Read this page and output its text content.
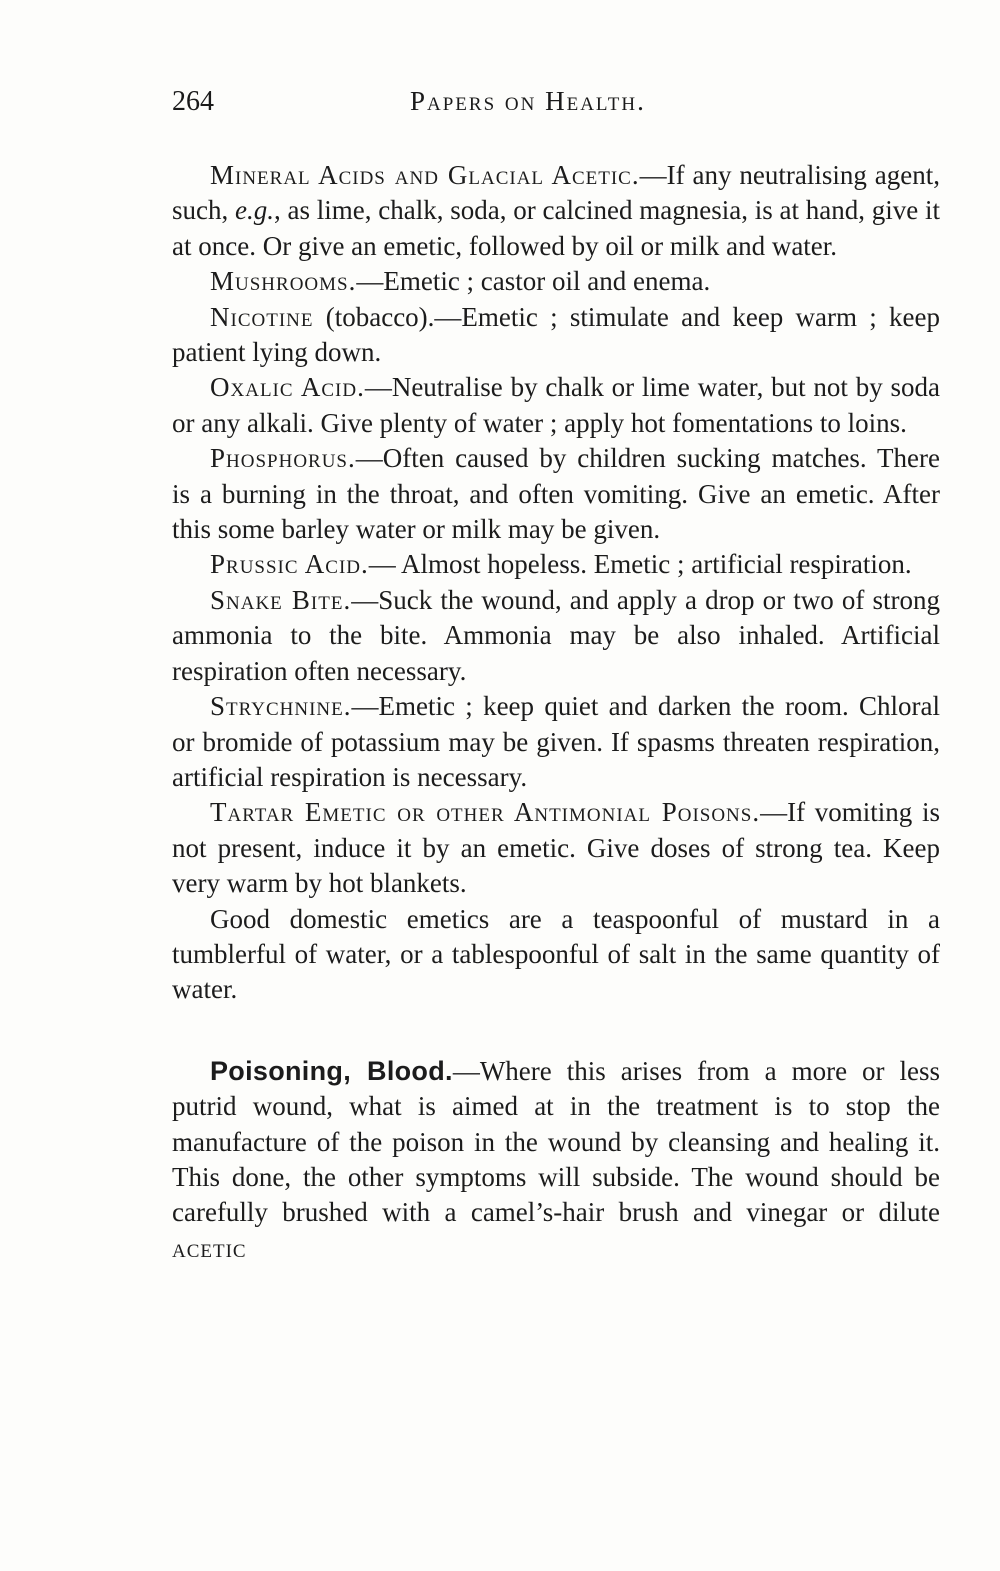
264	Papers on Health.

Mineral Acids and Glacial Acetic.—If any neutralising agent, such, e.g., as lime, chalk, soda, or calcined magnesia, is at hand, give it at once. Or give an emetic, followed by oil or milk and water.

Mushrooms.—Emetic ; castor oil and enema.

Nicotine (tobacco).—Emetic ; stimulate and keep warm ; keep patient lying down.

Oxalic Acid.—Neutralise by chalk or lime water, but not by soda or any alkali. Give plenty of water ; apply hot fomentations to loins.

Phosphorus.—Often caused by children sucking matches. There is a burning in the throat, and often vomiting. Give an emetic. After this some barley water or milk may be given.

Prussic Acid.— Almost hopeless. Emetic ; artificial respiration.

Snake Bite.—Suck the wound, and apply a drop or two of strong ammonia to the bite. Ammonia may be also inhaled. Artificial respiration often necessary.

Strychnine.—Emetic ; keep quiet and darken the room. Chloral or bromide of potassium may be given. If spasms threaten respiration, artificial respiration is necessary.

Tartar Emetic or other Antimonial Poisons.—If vomiting is not present, induce it by an emetic. Give doses of strong tea. Keep very warm by hot blankets.

Good domestic emetics are a teaspoonful of mustard in a tumblerful of water, or a tablespoonful of salt in the same quantity of water.

Poisoning, Blood.—Where this arises from a more or less putrid wound, what is aimed at in the treatment is to stop the manufacture of the poison in the wound by cleansing and healing it. This done, the other symptoms will subside. The wound should be carefully brushed with a camel’s-hair brush and vinegar or dilute acetic
